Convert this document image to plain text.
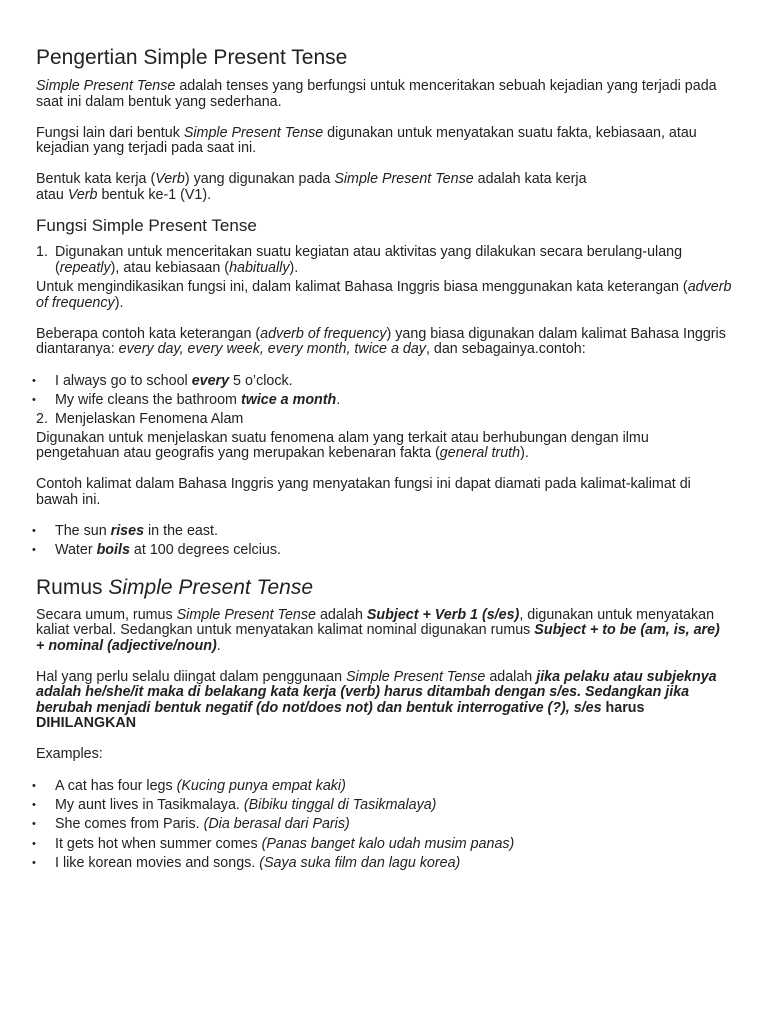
Pengertian Simple Present Tense

Simple Present Tense adalah tenses yang berfungsi untuk menceritakan sebuah kejadian yang terjadi pada saat ini dalam bentuk yang sederhana.

Fungsi lain dari bentuk Simple Present Tense digunakan untuk menyatakan suatu fakta, kebiasaan, atau kejadian yang terjadi pada saat ini.

Bentuk kata kerja (Verb) yang digunakan pada Simple Present Tense adalah kata kerja
atau Verb bentuk ke-1 (V1).

Fungsi Simple Present Tense
1. Digunakan untuk menceritakan suatu kegiatan atau aktivitas yang dilakukan secara berulang-ulang (repeatly), atau kebiasaan (habitually).

Untuk mengindikasikan fungsi ini, dalam kalimat Bahasa Inggris biasa menggunakan kata keterangan (adverb of frequency).

Beberapa contoh kata keterangan (adverb of frequency) yang biasa digunakan dalam kalimat Bahasa Inggris diantaranya: every day, every week, every month, twice a day, dan sebagainya.contoh:

• I always go to school every 5 o’clock.
• My wife cleans the bathroom twice a month.
2. Menjelaskan Fenomena Alam

Digunakan untuk menjelaskan suatu fenomena alam yang terkait atau berhubungan dengan ilmu pengetahuan atau geografis yang merupakan kebenaran fakta (general truth).

Contoh kalimat dalam Bahasa Inggris yang menyatakan fungsi ini dapat diamati pada kalimat-kalimat di bawah ini.

• The sun rises in the east.
• Water boils at 100 degrees celcius.
Rumus Simple Present Tense

Secara umum, rumus Simple Present Tense adalah Subject + Verb 1 (s/es), digunakan untuk menyatakan kaliat verbal. Sedangkan untuk menyatakan kalimat nominal digunakan rumus Subject + to be (am, is, are) + nominal (adjective/noun).

Hal yang perlu selalu diingat dalam penggunaan Simple Present Tense adalah jika pelaku atau subjeknya adalah he/she/it maka di belakang kata kerja (verb) harus ditambah dengan s/es. Sedangkan jika berubah menjadi bentuk negatif (do not/does not) dan bentuk interrogative (?), s/es harus DIHILANGKAN

Examples:

• A cat has four legs (Kucing punya empat kaki)
• My aunt lives in Tasikmalaya. (Bibiku tinggal di Tasikmalaya)
• She comes from Paris. (Dia berasal dari Paris)
• It gets hot when summer comes (Panas banget kalo udah musim panas)
• I like korean movies and songs. (Saya suka film dan lagu korea)
